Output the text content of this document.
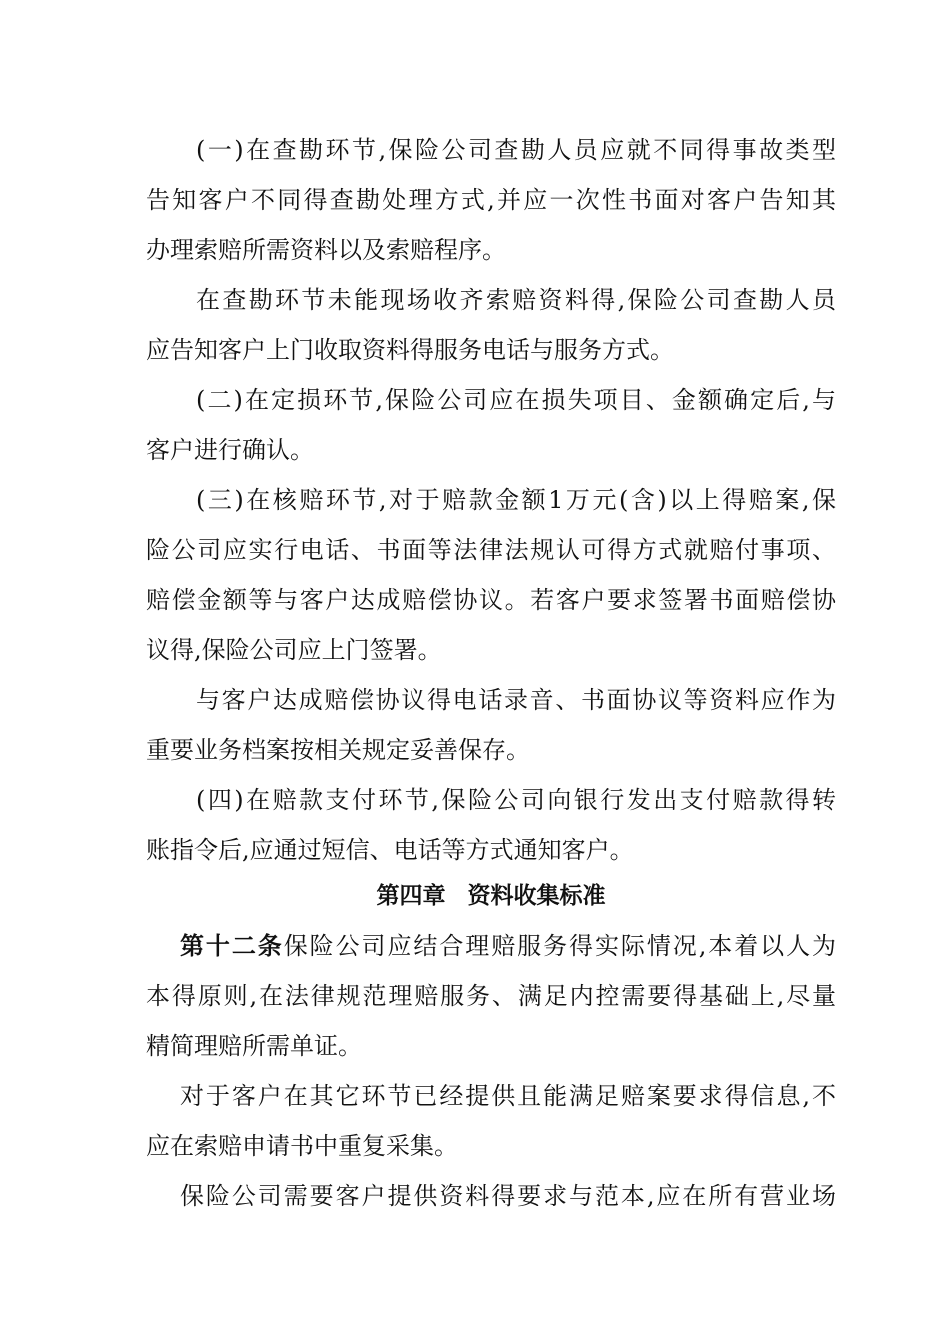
(一)在查勘环节,保险公司查勘人员应就不同得事故类型
告知客户不同得查勘处理方式,并应一次性书面对客户告知其
办理索赔所需资料以及索赔程序。
在查勘环节未能现场收齐索赔资料得,保险公司查勘人员
应告知客户上门收取资料得服务电话与服务方式。
(二)在定损环节,保险公司应在损失项目、金额确定后,与
客户进行确认。
(三)在核赔环节,对于赔款金额1万元(含)以上得赔案,保
险公司应实行电话、书面等法律法规认可得方式就赔付事项、
赔偿金额等与客户达成赔偿协议。若客户要求签署书面赔偿协
议得,保险公司应上门签署。
与客户达成赔偿协议得电话录音、书面协议等资料应作为
重要业务档案按相关规定妥善保存。
(四)在赔款支付环节,保险公司向银行发出支付赔款得转
账指令后,应通过短信、电话等方式通知客户。
第四章 资料收集标准
第十二条保险公司应结合理赔服务得实际情况,本着以人为
本得原则,在法律规范理赔服务、满足内控需要得基础上,尽量
精简理赔所需单证。
对于客户在其它环节已经提供且能满足赔案要求得信息,不
应在索赔申请书中重复采集。
保险公司需要客户提供资料得要求与范本,应在所有营业场
